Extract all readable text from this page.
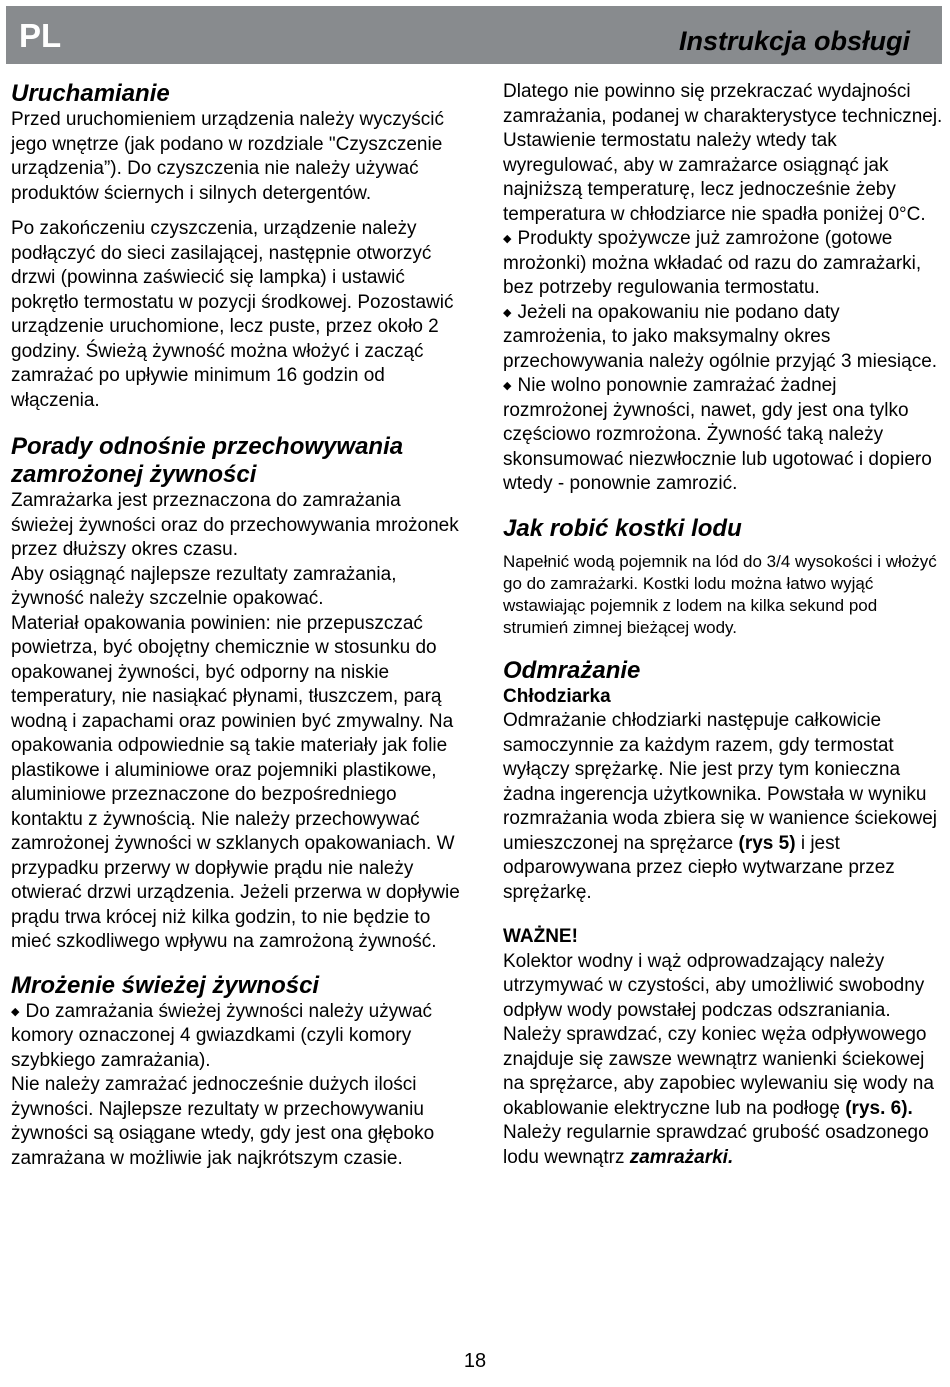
PL	Instrukcja obsługi
Uruchamianie

Przed uruchomieniem urządzenia należy wyczyścić jego wnętrze (jak podano w rozdziale "Czyszczenie urządzenia”). Do czyszczenia nie należy używać produktów ściernych i silnych detergentów.

Po zakończeniu czyszczenia, urządzenie należy podłączyć do sieci zasilającej, następnie otworzyć drzwi (powinna zaświecić się lampka) i ustawić pokrętło termostatu w pozycji środkowej. Pozostawić urządzenie uruchomione, lecz puste, przez około 2 godziny. Świeżą żywność można włożyć i zacząć zamrażać po upływie minimum 16 godzin od włączenia.

Porady odnośnie przechowywania zamrożonej żywności

Zamrażarka jest przeznaczona do zamrażania świeżej żywności oraz do przechowywania mrożonek przez dłuższy okres czasu.

Aby osiągnąć najlepsze rezultaty zamrażania, żywność należy szczelnie opakować.

Materiał opakowania powinien: nie przepuszczać powietrza, być obojętny chemicznie w stosunku do opakowanej żywności, być odporny na niskie temperatury, nie nasiąkać płynami, tłuszczem, parą wodną i zapachami oraz powinien być zmywalny. Na opakowania odpowiednie są takie materiały jak folie plastikowe i aluminiowe oraz pojemniki plastikowe, aluminiowe przeznaczone do bezpośredniego kontaktu z żywnością. Nie należy przechowywać zamrożonej żywności w szklanych opakowaniach. W przypadku przerwy w dopływie prądu nie należy otwierać drzwi urządzenia. Jeżeli przerwa w dopływie prądu trwa krócej niż kilka godzin, to nie będzie to mieć szkodliwego wpływu na zamrożoną żywność.

Mrożenie świeżej żywności

◆ Do zamrażania świeżej żywności należy używać komory oznaczonej 4 gwiazdkami (czyli komory szybkiego zamrażania).

Nie należy zamrażać jednocześnie dużych ilości żywności. Najlepsze rezultaty w przechowywaniu żywności są osiągane wtedy, gdy jest ona głęboko zamrażana w możliwie jak najkrótszym czasie.

Dlatego nie powinno się przekraczać wydajności zamrażania, podanej w charakterystyce technicznej. Ustawienie termostatu należy wtedy tak wyregulować, aby w zamrażarce osiągnąć jak najniższą temperaturę, lecz jednocześnie żeby temperatura w chłodziarce nie spadła poniżej 0°C.

◆ Produkty spożywcze już zamrożone (gotowe mrożonki) można wkładać od razu do zamrażarki, bez potrzeby regulowania termostatu.

◆ Jeżeli na opakowaniu nie podano daty zamrożenia, to jako maksymalny okres przechowywania należy ogólnie przyjąć 3 miesiące.

◆ Nie wolno ponownie zamrażać żadnej rozmrożonej żywności, nawet, gdy jest ona tylko częściowo rozmrożona. Żywność taką należy skonsumować niezwłocznie lub ugotować i dopiero wtedy - ponownie zamrozić.

Jak robić kostki lodu

Napełnić wodą pojemnik na lód do 3/4 wysokości i włożyć go do zamrażarki. Kostki lodu można łatwo wyjąć wstawiając pojemnik z lodem na kilka sekund pod strumień zimnej bieżącej wody.

Odmrażanie

Chłodziarka

Odmrażanie chłodziarki następuje całkowicie samoczynnie za każdym razem, gdy termostat wyłączy sprężarkę. Nie jest przy tym konieczna żadna ingerencja użytkownika. Powstała w wyniku rozmrażania woda zbiera się w wanience ściekowej umieszczonej na sprężarce (rys 5) i jest odparowywana przez ciepło wytwarzane przez sprężarkę.

WAŻNE!

Kolektor wodny i wąż odprowadzający należy utrzymywać w czystości, aby umożliwić swobodny odpływ wody powstałej podczas odszraniania. Należy sprawdzać, czy koniec węża odpływowego znajduje się zawsze wewnątrz wanienki ściekowej na sprężarce, aby zapobiec wylewaniu się wody na okablowanie elektryczne lub na podłogę (rys. 6). Należy regularnie sprawdzać grubość osadzonego lodu wewnątrz zamrażarki.

18
